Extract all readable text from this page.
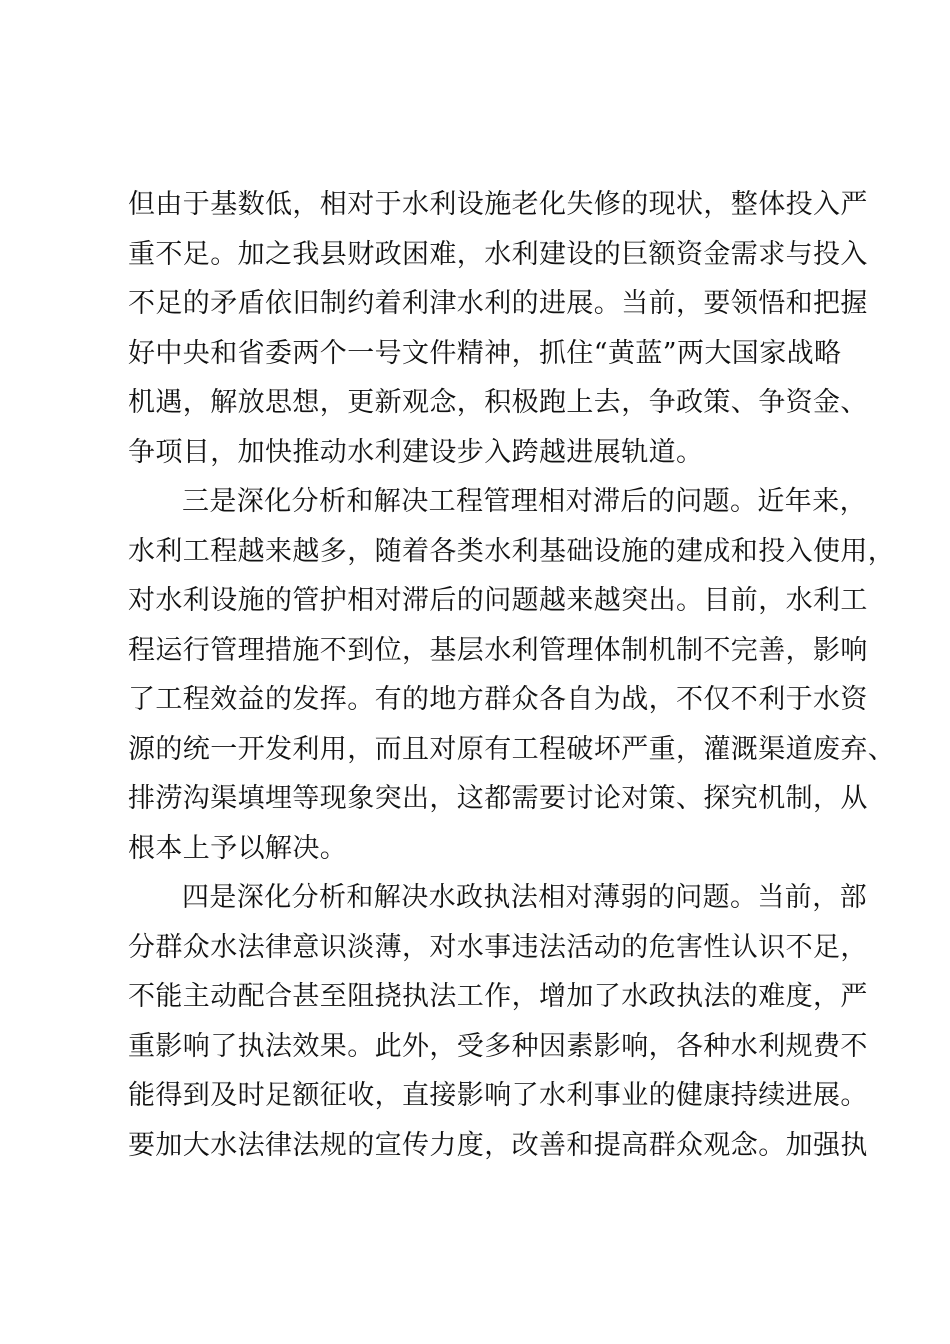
但由于基数低，相对于水利设施老化失修的现状，整体投入严
重不足。加之我县财政困难，水利建设的巨额资金需求与投入
不足的矛盾依旧制约着利津水利的进展。当前，要领悟和把握
好中央和省委两个一号文件精神，抓住“黄蓝”两大国家战略
机遇，解放思想，更新观念，积极跑上去，争政策、争资金、
争项目，加快推动水利建设步入跨越进展轨道。
三是深化分析和解决工程管理相对滞后的问题。近年来，
水利工程越来越多，随着各类水利基础设施的建成和投入使用，
对水利设施的管护相对滞后的问题越来越突出。目前，水利工
程运行管理措施不到位，基层水利管理体制机制不完善，影响
了工程效益的发挥。有的地方群众各自为战，不仅不利于水资
源的统一开发利用，而且对原有工程破坏严重，灌溉渠道废弃、
排涝沟渠填埋等现象突出，这都需要讨论对策、探究机制，从
根本上予以解决。
四是深化分析和解决水政执法相对薄弱的问题。当前，部
分群众水法律意识淡薄，对水事违法活动的危害性认识不足，
不能主动配合甚至阻挠执法工作，增加了水政执法的难度，严
重影响了执法效果。此外，受多种因素影响，各种水利规费不
能得到及时足额征收，直接影响了水利事业的健康持续进展。
要加大水法律法规的宣传力度，改善和提高群众观念。加强执
